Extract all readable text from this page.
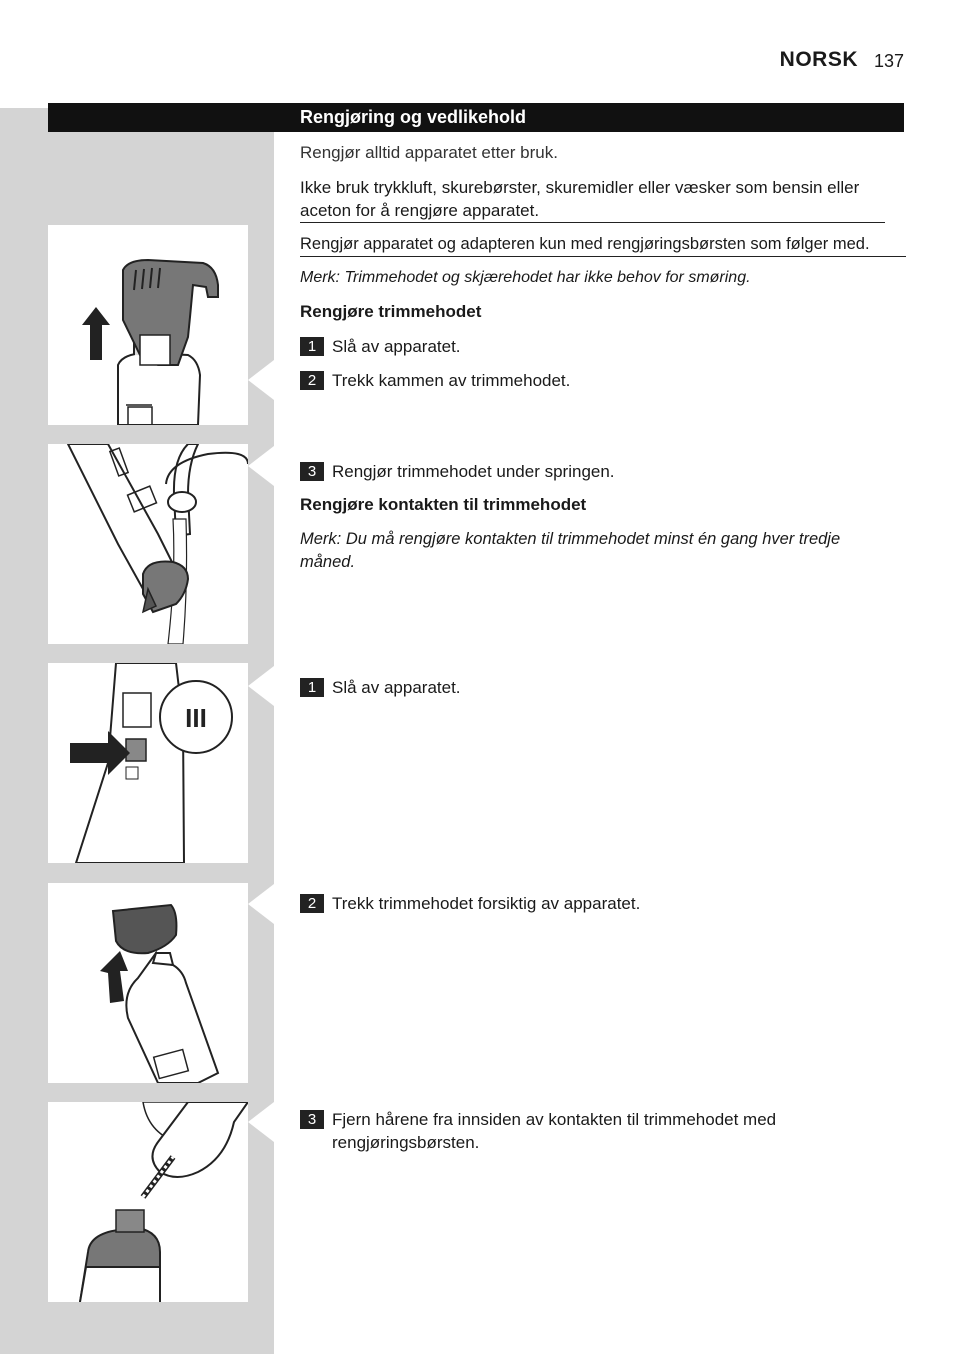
NORSK 137
Rengjøring og vedlikehold
Rengjør alltid apparatet etter bruk.
Ikke bruk trykkluft, skurebørster, skuremidler eller væsker som bensin eller aceton for å rengjøre apparatet.
Rengjør apparatet og adapteren kun med rengjøringsbørsten som følger med.
Merk: Trimmehodet og skjærehodet har ikke behov for smøring.
Rengjøre trimmehodet
1 Slå av apparatet.
2 Trekk kammen av trimmehodet.
3 Rengjør trimmehodet under springen.
Rengjøre kontakten til trimmehodet
Merk: Du må rengjøre kontakten til trimmehodet minst én gang hver tredje måned.
1 Slå av apparatet.
2 Trekk trimmehodet forsiktig av apparatet.
3 Fjern hårene fra innsiden av kontakten til trimmehodet med rengjøringsbørsten.
III
